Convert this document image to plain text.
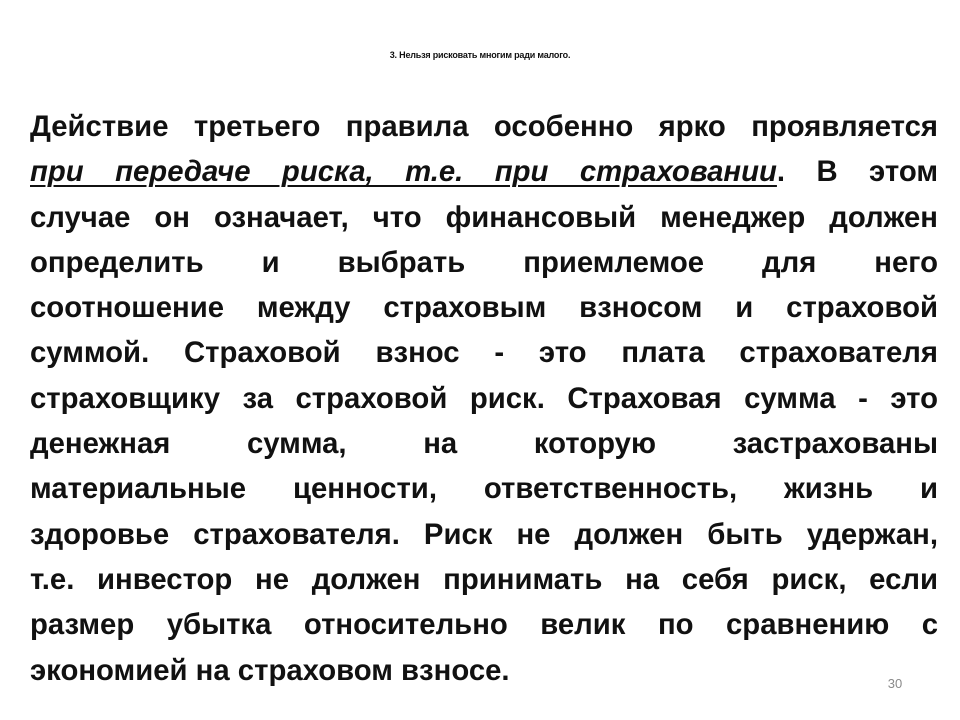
3. Нельзя рисковать многим ради малого.
Действие третьего правила особенно ярко проявляется
при передаче риска, т.е. при страховании. В этом
случае он означает, что финансовый менеджер должен
определить и выбрать приемлемое для него
соотношение между страховым взносом и страховой
суммой. Страховой взнос - это плата страхователя
страховщику за страховой риск. Страховая сумма - это
денежная сумма, на которую застрахованы
материальные ценности, ответственность, жизнь и
здоровье страхователя. Риск не должен быть удержан,
т.е. инвестор не должен принимать на себя риск, если
размер убытка относительно велик по сравнению с
экономией на страховом взносе.	30
